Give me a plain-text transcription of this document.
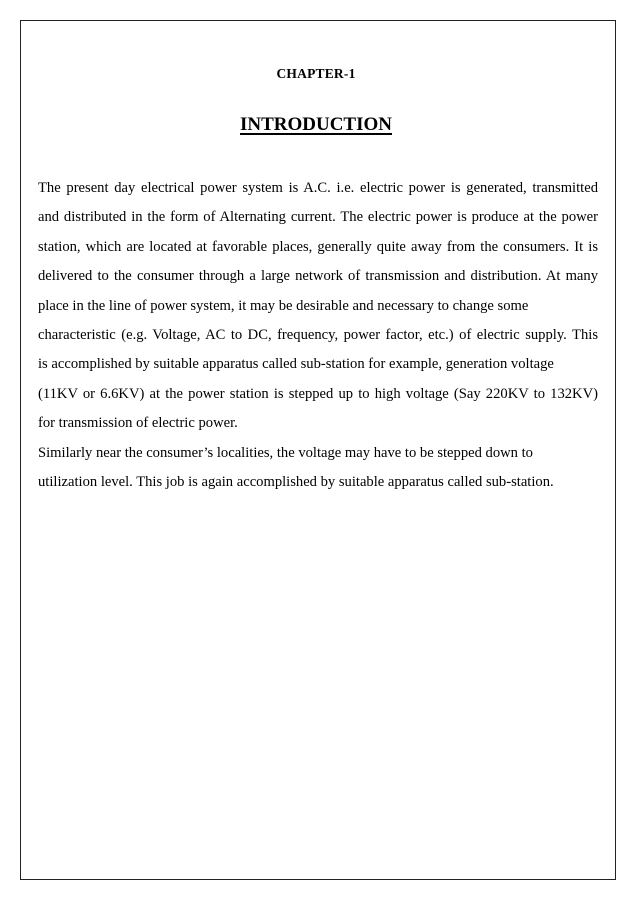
CHAPTER-1
INTRODUCTION
The present day electrical power system is A.C. i.e. electric power is generated, transmitted
and distributed in the form of Alternating current. The electric power is produce at the power
station, which are located at favorable places, generally quite away from the consumers. It is
delivered to the consumer through a large network of transmission and distribution. At many
place in the line of power system, it may be desirable and necessary to change some
characteristic (e.g. Voltage, AC to DC, frequency, power factor, etc.) of electric supply. This
is accomplished by suitable apparatus called sub-station for example, generation voltage
(11KV or 6.6KV) at the power station is stepped up to high voltage (Say 220KV to 132KV)
for transmission of electric power.
Similarly near the consumer’s localities, the voltage may have to be stepped down to
utilization level. This job is again accomplished by suitable apparatus called sub-station.
